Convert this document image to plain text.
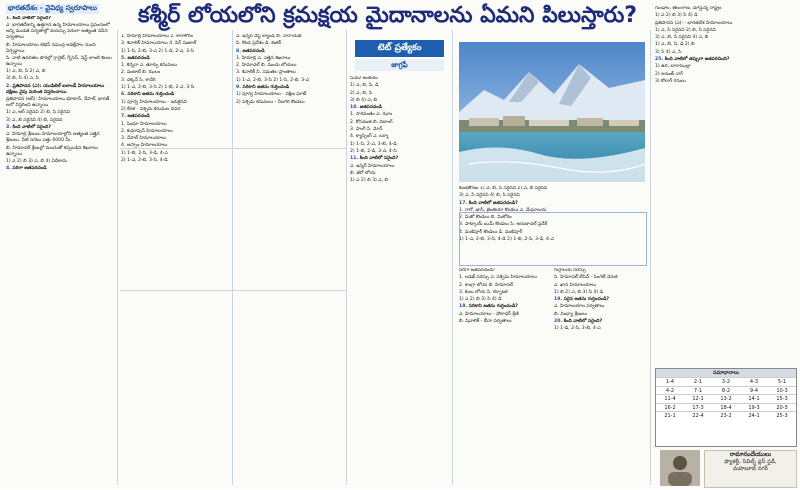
భారతదేశం - వైవిధ్య స్వరూపాలు కశ్మీర్ లోయలోని క్రమక్షయ మైదానాలను ఏమని పిలుస్తారు?

1. కింది వాటిలో సరైంది?

ఎ. భారతదేశాన్ని ఉత్తరాన ఉన్న హిమాలయాలు ప్రపంచంలో అన్ని ముడత పర్వతాల్లో వయస్సు పరంగా అత్యంత నవీన పర్వతాలు

బి. హిమాలయాలు టెథిస్ సముద్ర అవక్షేపాల నుంచి ఏర్పడ్డాయి

సి. వాటి ఉపరితల పొరల్లో గ్రానైట్, గ్నీసెస్, షిస్ట్ లాంటి శిలలు ఉన్నాయి

1) ఎ, బి, సి 2) ఎ, బి

3) బి, సి 4) ఎ, సి

2. ప్రతిపాదన (ఎ): యుడిటెల్ ఐలాండ్ హిమాలయాలు దక్షిణం వైపు మరింత విస్తరించాయి

ప్రతిపాదన (ఆర్): హిమాలయాలు భూటాన్, నేపాల్, భారత్ లలో విస్తరించి ఉన్నాయి

1) ఎ, ఆర్ సరైనవి 2) బి, సి సరైనవి

3) ఎ, బి సరైనవి 4) బి, సరైనది

3. కింది వాటిలో సరైంది?

ఎ. హిమాద్రి శ్రేణులు హిమాలయాల్లోని అత్యంత ఎత్తైన శ్రేణులు. వీటి సగటు ఎత్తు 6000 మీ.

బి. హిమాచల్ శ్రేణుల్లో మంచుతో కప్పబడిన శిఖరాలు ఉన్నాయి

1) ఎ 2) బి 3) ఎ, బి 4) ఏదీకాదు

4. సరిగా జతపరచండి

1. హిమాద్రి హిమాలయాలు 2. కారాకోరం

3. శివాలిక్ హిమాలయాలు 4. పిర్ పంజాల్

1) 1-సి, 2-బి, 3-ఎ 2) 1-డి, 2-ఎ, 3-సి

5. జతపరచండి

1. కిన్నెరా ఎ. తూర్పు కనుమలు

2. పంజాబ్ బి. ఝలం

3. దక్కన్ సి. కావేరి

1) 1-ఎ, 2-బి, 3-సి 2) 1-బి, 2-ఎ, 3-సి

6. సరికాని జతను గుర్తించండి

1) పూర్వ హిమాలయాలు - ఇరుకైనవి

2) కేరళ - పశ్చిమ కనుమల చివర

7. జతపరచండి

1. సింధూ హిమాలయాలు

2. కుమావున్ హిమాలయాలు

3. నేపాల్ హిమాలయాలు

4. అస్సాం హిమాలయాలు

1) 1-బి, 2-సి, 3-డి, 4-ఎ

2) 1-ఎ, 2-బి, 3-సి, 4-డి

ఎ. ఇన్నర్ వెస్ట్ బ్యాండ్ బి. నారాయణ్

సి. కొండ ప్రదేశం డి. కంకర్

8. జతపరచండి

1. హిమాద్రి ఎ. ఎత్తైన శిఖరాలు

2. హిమాచల్ బి. మంచు లోయలు

3. శివాలిక్ సి. సమతల ప్రాంతాలు

1) 1-ఎ, 2-బి, 3-సి 2) 1-సి, 2-బి, 3-ఎ

9. సరికాని జతను గుర్తించండి

1) పూర్వ హిమాలయాలు - దక్షిణ ఘాట్

2) పశ్చిమ కనుమలు - నీలగిరి కొండలు

టెట్ ప్రత్యేకం
జాగ్రఫీ

సుమ/ అంకురం

1) ఎ, బి, సి, డి

2) ఎ, బి, సి

3) బి 4) ఎ, బి

10. జతపరచండి

1. సారవంతం ఎ. ఝాం

2. కోసవంజి బి. దిబాంగ్

3. పాంగీ సి. మోన్

4. క్యాస్సింగ్ ఎ. బర్మా

1) 1-సి, 2-ఎ, 3-బి, 4-డి

2) 1-బి, 2-డి, 3-ఎ, 4-సి

11. కింది వాటిలో సరైంది?

ఎ. ఇన్నర్ హిమాలయాలు

బి. జీరో లోయ

1) ఎ 2) బి 3) ఎ, బి

కుంభకోణం 1) ఎ, బి, సి సరైనవి 2) ఎ, బి సరైనవి

3) ఎ, సి సరైనవి 4) బి, సి సరైనవి

17. కింది వాటిలో జతపరచండి?

1. గారో, ఖాసీ, జైంతియా కొండలు ఎ. మేఘాలయ

2. మిజో కొండలు బి. మిజోరం

3. పాట్కాయ్ బుమ్ కొండలు సి. అరుణాచల్ ప్రదేశ్

4. మణిపూర్ కొండలు డి. మణిపూర్

1) 1-ఎ, 2-బి, 3-సి, 4-డి 2) 1-బి, 2-సి, 3-డి, 4-ఎ

సరిగా జతపరచండి?

1. లడఖ్ సరస్సు ఎ. పశ్చిమ హిమాలయాలు

2. కాంగ్రా లోయ బి. హిమాచల్

3. కులు లోయ సి. కర్నాటక

1) ఎ 2) బి 3) సి 4) డి

18. సరికాని జతను గుర్తించండి?

ఎ. హిమాలయాలు - ధౌలాధర్ శ్రేణి

బి. షివాలిక్ - బీనా పర్వతాలు

గుర్గాలయ సరస్సు

సి. హిమాచల్ బేసిన్ - పింగట్ వెనుక

ఎ. ఖాస హిమాలయాలు

1) బి 2) ఎ, బి 3) సి 4) డి

19. సరైన జతను గుర్తించండి?

ఎ. హిమాలయాల పర్వతాలు

బి. వింధ్యా శ్రేణులు

20. కింది వాటిలో సరైంది?

1) 1-డి, 2-సి, 3-బి, 4-ఎ

గుండాల, తెలంగాణ, చూస్తున్న రాష్ట్రం

1) ఎ 2) బి 3) సి 4) డి

ప్రతిపాదన (ఎ): - భారతదేశ హిమాలయాలు

1) ఎ, సి సరైనవి 2) బి, సి సరైనవి

3) ఎ, బి, సి సరైనవి 4) ఎ, బి

1) ఎ, బి, సి, డి 2) బి

3) సి 4) ఎ, సి

25. కింది వాటిలో తప్పుగా జతపరిచింది?

1) ఉరి, బారాముల్లా

2) అనంత్ నాగ్

3) కోలార్ గనులు

సమాధానాలు
1-4	2-1	3-2	4-3	5-1
4-2	7-1	8-2	9-4	10-3
11-4	12-1	13-2	14-1	15-3
16-2	17-3	18-4	19-3	20-3
21-1	22-4	23-2	24-1	25-3
రామానందేయులు
ఫ్యాకల్టీ, సివిల్స్ ప్లస్ స్టడీ,
మహబూబ్ నగర్
